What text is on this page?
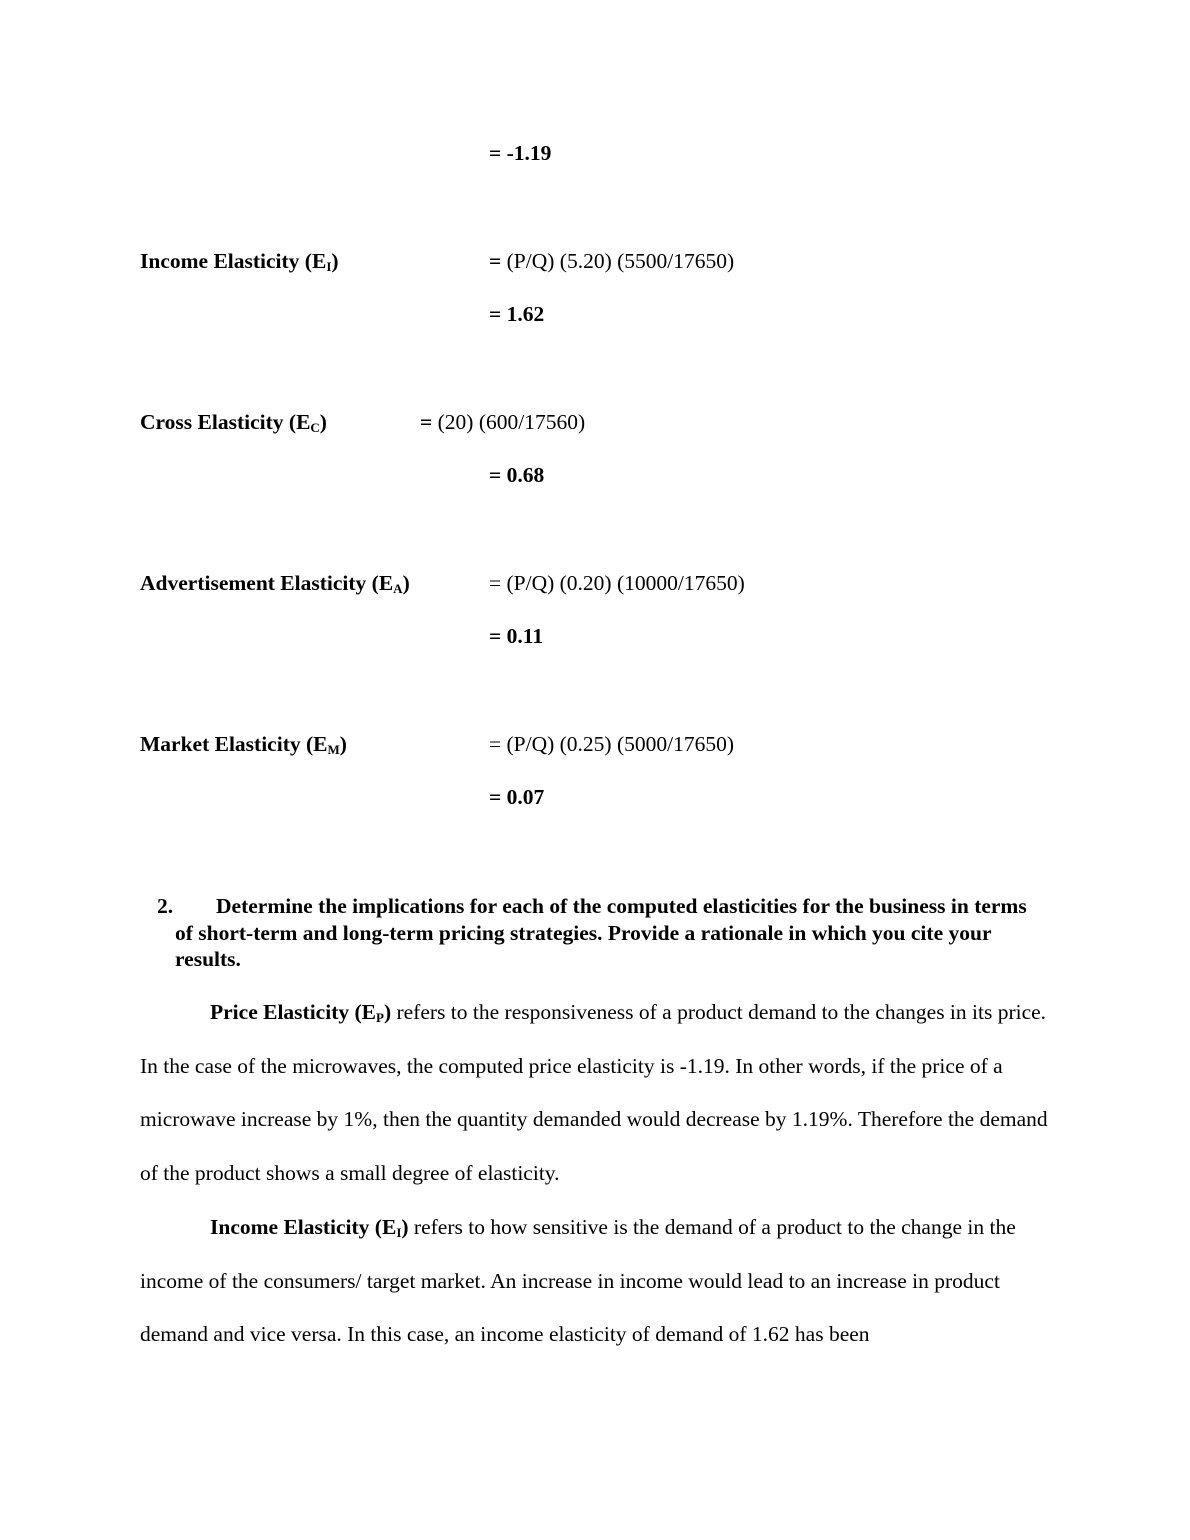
= -1.19
Income Elasticity $(E_I)$	= (P/Q) (5.20) (5500/17650)
= 1.62
Cross Elasticity $(E_C)$	= (20) (600/17560)
= 0.68
Advertisement Elasticity $(E_A)$	= (P/Q) (0.20) (10000/17650)
= 0.11
Market Elasticity $(E_M)$	= (P/Q) (0.25) (5000/17650)
= 0.07
2.	Determine the implications for each of the computed elasticities for the business in terms of short-term and long-term pricing strategies. Provide a rationale in which you cite your results.
Price Elasticity $(E_P)$ refers to the responsiveness of a product demand to the changes in its price. In the case of the microwaves, the computed price elasticity is -1.19. In other words, if the price of a microwave increase by 1%, then the quantity demanded would decrease by 1.19%. Therefore the demand of the product shows a small degree of elasticity.
Income Elasticity $(E_I)$ refers to how sensitive is the demand of a product to the change in the income of the consumers/ target market. An increase in income would lead to an increase in product demand and vice versa. In this case, an income elasticity of demand of 1.62 has been
